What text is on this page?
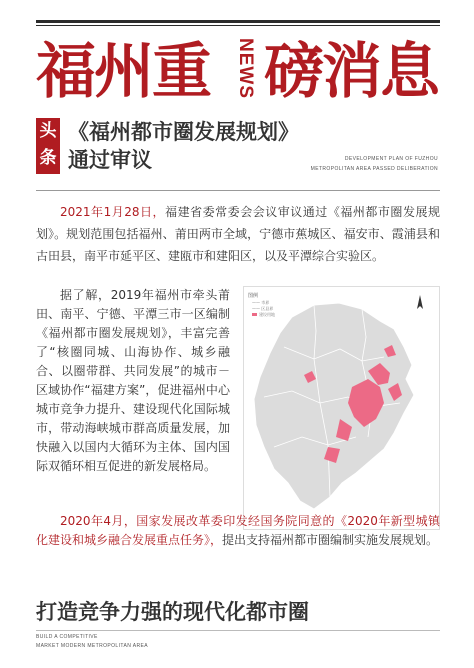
福州重 NEWS 磅消息
头
条
《福州都市圈发展规划》
通过审议	DEVELOPMENT PLAN OF FUZHOU
METROPOLITAN AREA PASSED DELIBERATION
2021年1月28日，福建省委常委会会议审议通过《福州都市圈发展规划》。规划范围包括福州、莆田两市全域，宁德市蕉城区、福安市、霞浦县和古田县，南平市延平区、建瓯市和建阳区，以及平潭综合实验区。
据了解，2019年福州市牵头莆田、南平、宁德、平潭三市一区编制《福州都市圈发展规划》，丰富完善了“核圈同城、山海协作、城乡融合、以圈带群、共同发展”的城市－区域协作“福建方案”，促进福州中心城市竞争力提升、建设现代化国际城市，带动海峡城市群高质量发展，加快融入以国内大循环为主体、国内国际双循环相互促进的新发展格局。
图例
—— 市界
—— 区县界
建设用地
2020年4月，国家发展改革委印发经国务院同意的《2020年新型城镇化建设和城乡融合发展重点任务》，提出支持福州都市圈编制实施发展规划。
打造竞争力强的现代化都市圈
BUILD A COMPETITIVE
MARKET MODERN METROPOLITAN AREA
